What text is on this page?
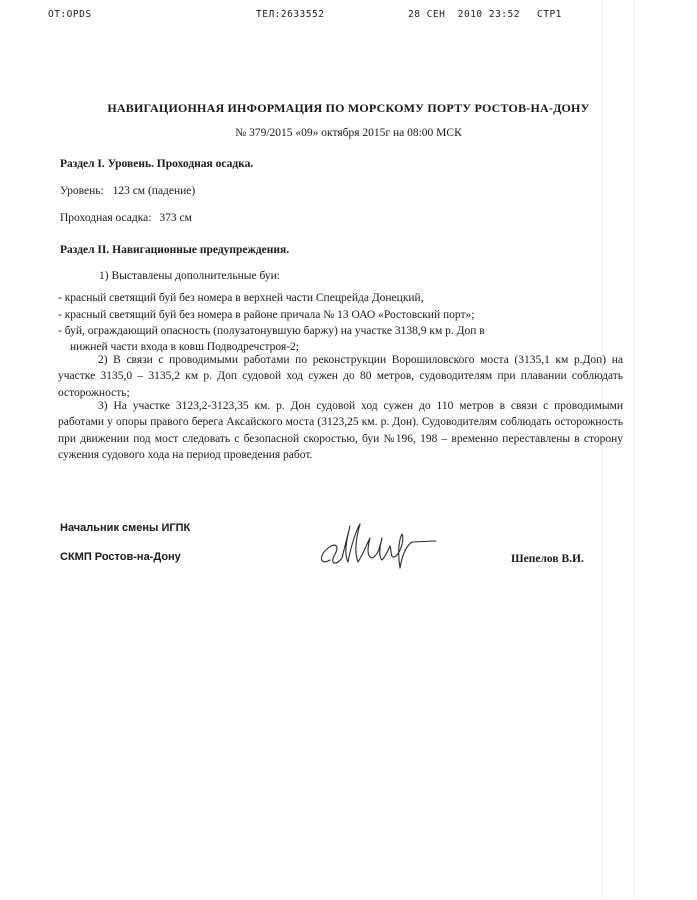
OT:OPDS	ТЕЛ:2633552	28 СЕН  2010 23:52 СТР1
НАВИГАЦИОННАЯ ИНФОРМАЦИЯ ПО МОРСКОМУ ПОРТУ РОСТОВ-НА-ДОНУ
№ 379/2015 «09» октября 2015г на 08:00 МСК
Раздел I. Уровень. Проходная осадка.
Уровень: 123 см (падение)
Проходная осадка: 373 см
Раздел II. Навигационные предупреждения.
1) Выставлены дополнительные буи:
- красный светящий буй без номера в верхней части Спецрейда Донецкий,
- красный светящий буй без номера в районе причала № 13 ОАО «Ростовский порт»;
- буй, ограждающий опасность (полузатонувшую баржу) на участке 3138,9 км р. Доп в
нижней части входа в ковш Подводречстроя-2;
2) В связи с проводимыми работами по реконструкции Ворошиловского моста (3135,1 км р.Доп) на участке 3135,0 – 3135,2 км р. Доп судовой ход сужен до 80 метров, судоводителям при плавании соблюдать осторожность;
3) На участке 3123,2-3123,35 км. р. Дон судовой ход сужен до 110 метров в связи с проводимыми работами у опоры правого берега Аксайского моста (3123,25 км. р. Дон). Судоводителям соблюдать осторожность при движении под мост следовать с безопасной скоростью, буи №196, 198 – временно переставлены в сторону сужения судового хода на период проведения работ.
Начальник смены ИГПК
СКМП Ростов-на-Дону	Шепелов В.И.
